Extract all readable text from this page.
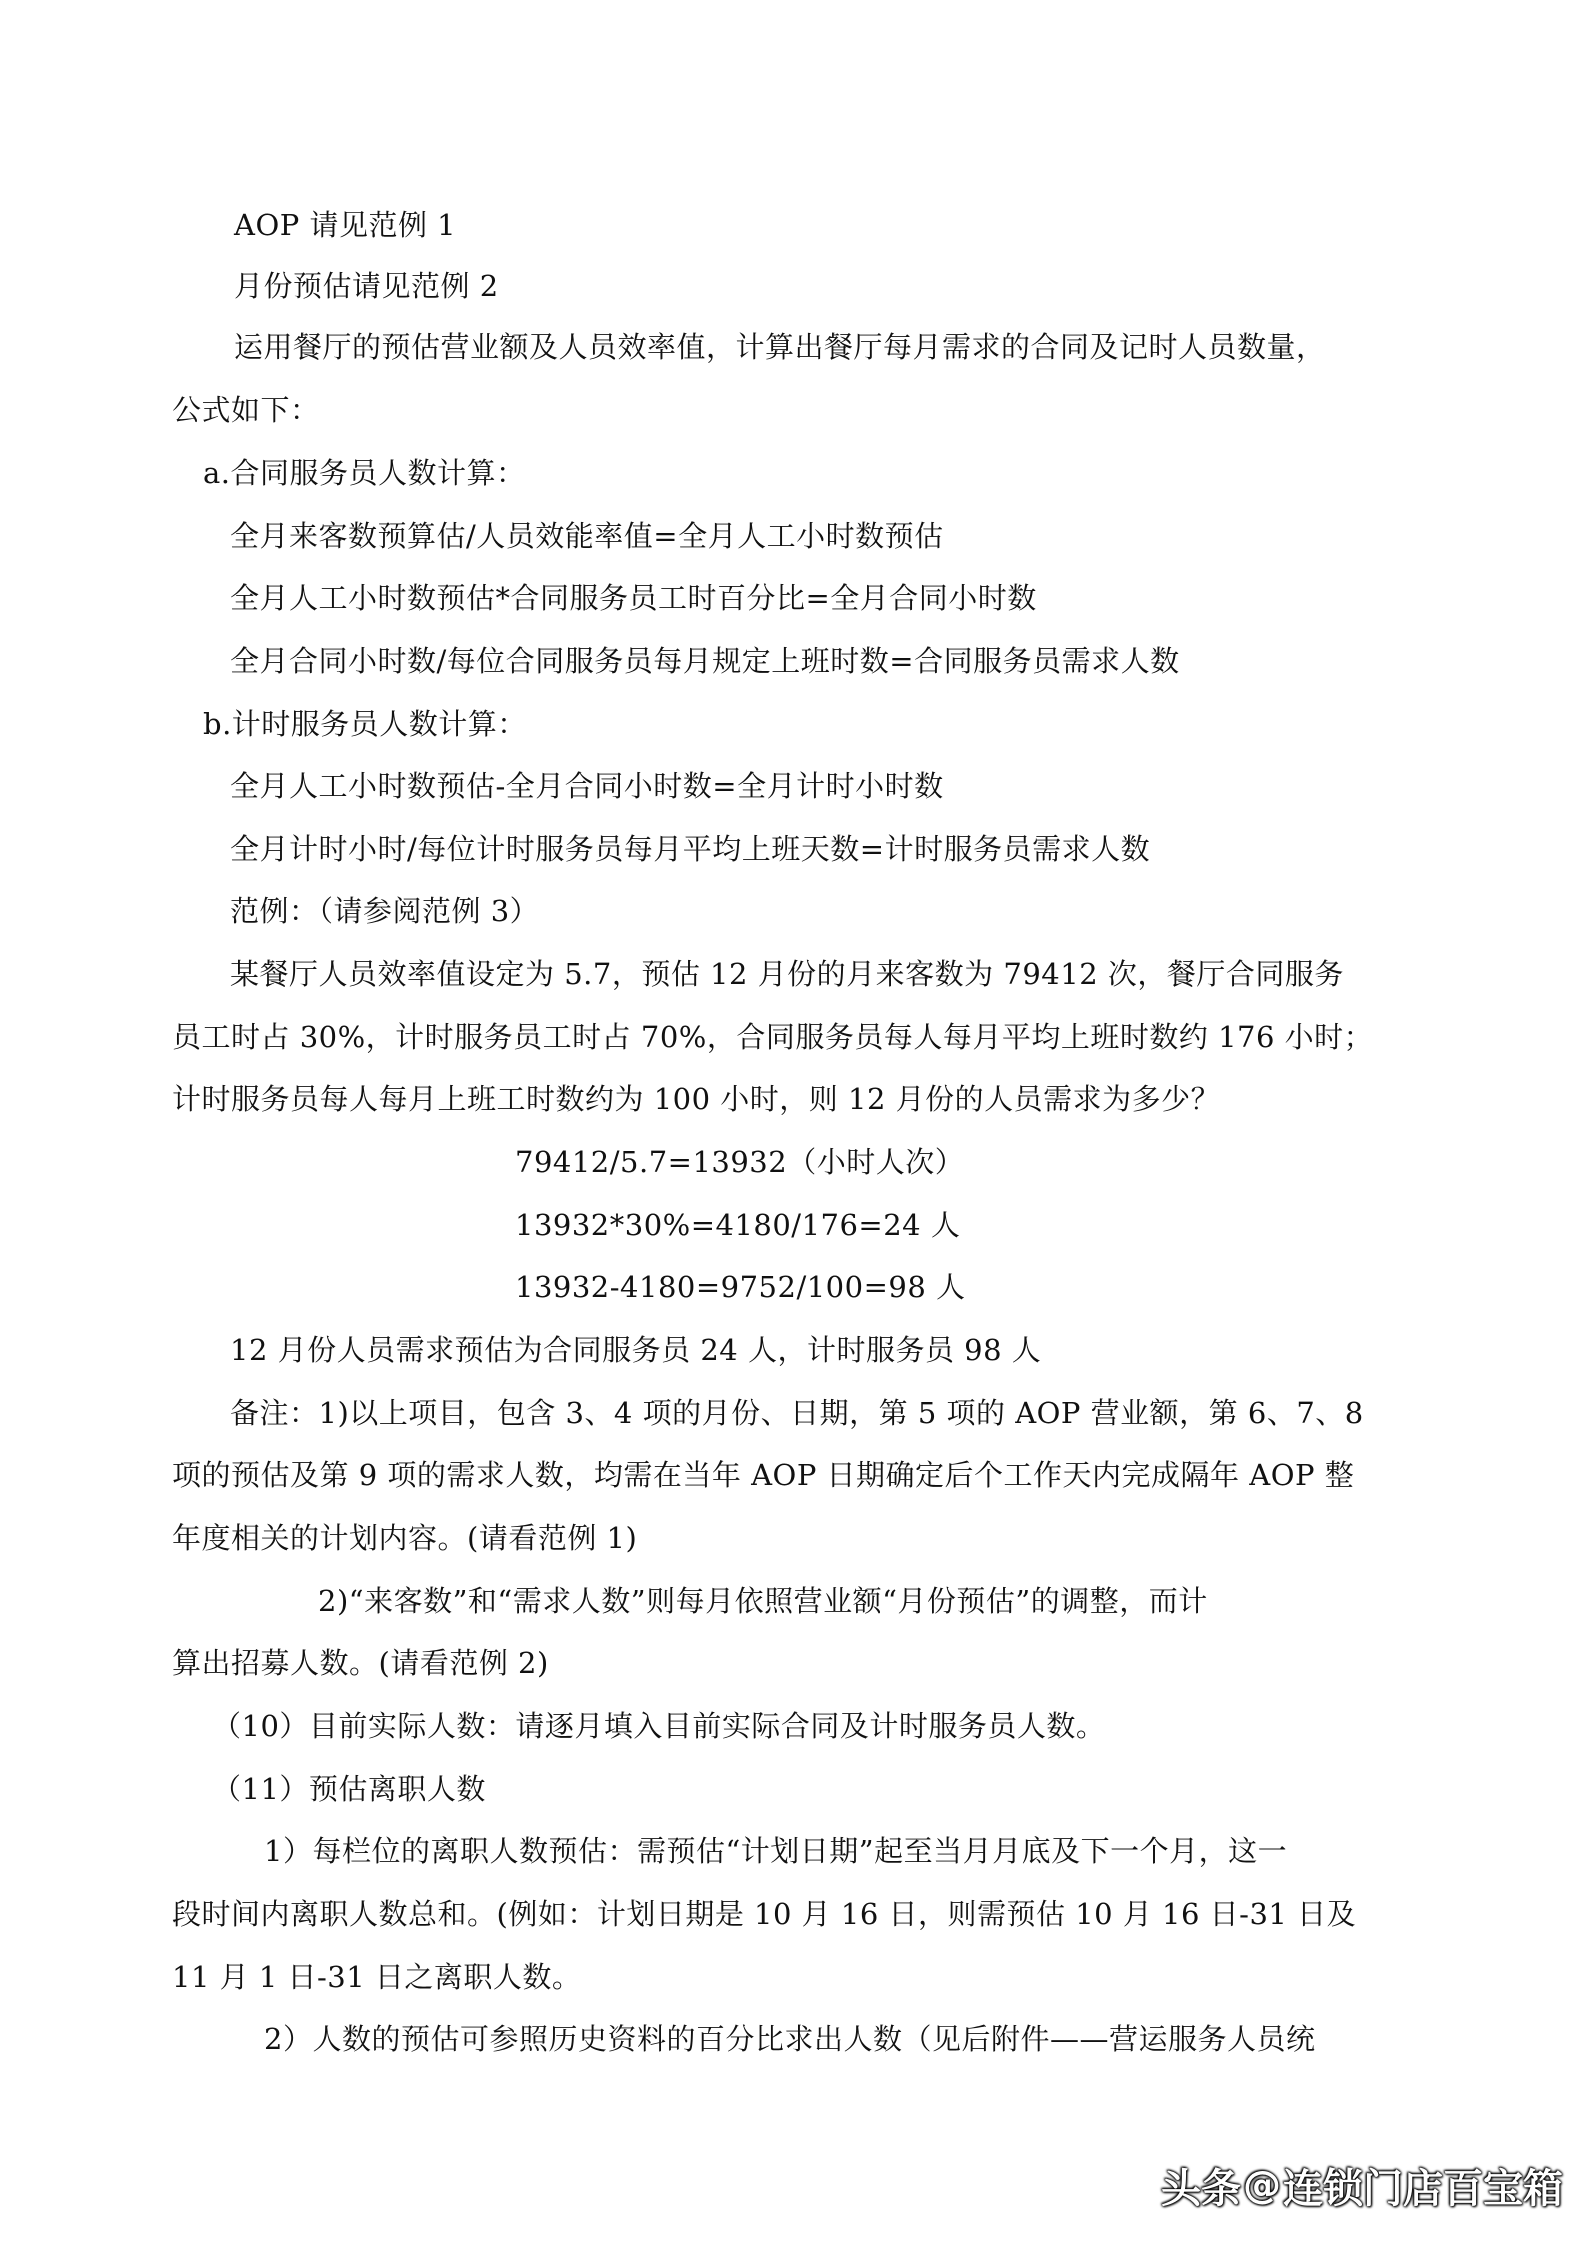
AOP 请见范例 1
月份预估请见范例 2
运用餐厅的预估营业额及人员效率值，计算出餐厅每月需求的合同及记时人员数量，
公式如下：
a.合同服务员人数计算：
全月来客数预算估/人员效能率值=全月人工小时数预估
全月人工小时数预估*合同服务员工时百分比=全月合同小时数
全月合同小时数/每位合同服务员每月规定上班时数=合同服务员需求人数
b.计时服务员人数计算：
全月人工小时数预估-全月合同小时数=全月计时小时数
全月计时小时/每位计时服务员每月平均上班天数=计时服务员需求人数
范例：（请参阅范例 3）
某餐厅人员效率值设定为 5.7，预估 12 月份的月来客数为 79412 次，餐厅合同服务
员工时占 30%，计时服务员工时占 70%，合同服务员每人每月平均上班时数约 176 小时；
计时服务员每人每月上班工时数约为 100 小时，则 12 月份的人员需求为多少？
79412/5.7=13932（小时人次）
13932*30%=4180/176=24 人
13932-4180=9752/100=98 人
12 月份人员需求预估为合同服务员 24 人，计时服务员 98 人
备注：1)以上项目，包含 3、4 项的月份、日期，第 5 项的 AOP 营业额，第 6、7、8
项的预估及第 9 项的需求人数，均需在当年 AOP 日期确定后个工作天内完成隔年 AOP 整
年度相关的计划内容。(请看范例 1)
2)“来客数”和“需求人数”则每月依照营业额“月份预估”的调整，而计
算出招募人数。(请看范例 2)
（10）目前实际人数：请逐月填入目前实际合同及计时服务员人数。
（11）预估离职人数
1）每栏位的离职人数预估：需预估“计划日期”起至当月月底及下一个月，这一
段时间内离职人数总和。(例如：计划日期是 10 月 16 日，则需预估 10 月 16 日-31 日及
11 月 1 日-31 日之离职人数。
2）人数的预估可参照历史资料的百分比求出人数（见后附件——营运服务人员统
头条 @ 连锁门店百宝箱
